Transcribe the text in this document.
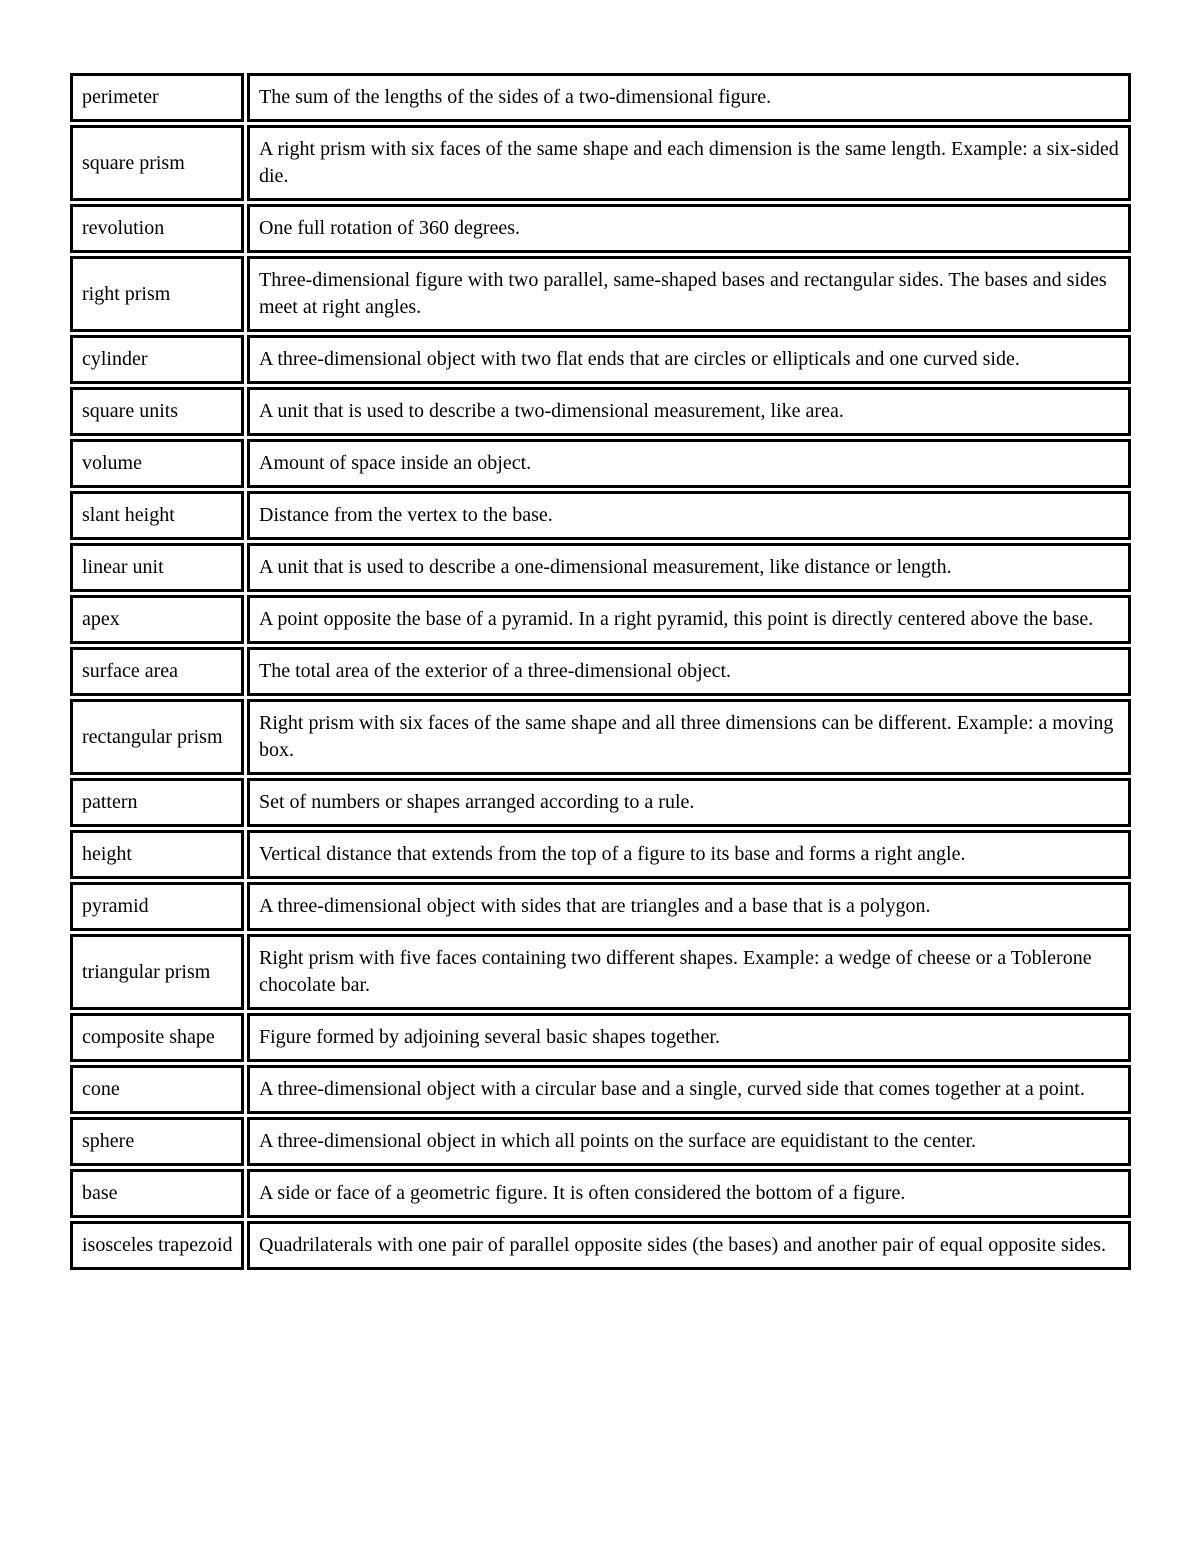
perimeter		The sum of the lengths of the sides of a two-dimensional figure.
square prism		A right prism with six faces of the same shape and each dimension is the same length. Example: a six-sided die.
revolution		One full rotation of 360 degrees.
right prism		Three-dimensional figure with two parallel, same-shaped bases and rectangular sides. The bases and sides meet at right angles.
cylinder		A three-dimensional object with two flat ends that are circles or ellipticals and one curved side.
square units		A unit that is used to describe a two-dimensional measurement, like area.
volume		Amount of space inside an object.
slant height		Distance from the vertex to the base.
linear unit		A unit that is used to describe a one-dimensional measurement, like distance or length.
apex		A point opposite the base of a pyramid. In a right pyramid, this point is directly centered above the base.
surface area		The total area of the exterior of a three-dimensional object.
rectangular prism		Right prism with six faces of the same shape and all three dimensions can be different. Example: a moving box.
pattern		Set of numbers or shapes arranged according to a rule.
height		Vertical distance that extends from the top of a figure to its base and forms a right angle.
pyramid		A three-dimensional object with sides that are triangles and a base that is a polygon.
triangular prism		Right prism with five faces containing two different shapes. Example: a wedge of cheese or a Toblerone chocolate bar.
composite shape		Figure formed by adjoining several basic shapes together.
cone		A three-dimensional object with a circular base and a single, curved side that comes together at a point.
sphere		A three-dimensional object in which all points on the surface are equidistant to the center.
base		A side or face of a geometric figure. It is often considered the bottom of a figure.
isosceles trapezoid		Quadrilaterals with one pair of parallel opposite sides (the bases) and another pair of equal opposite sides.
